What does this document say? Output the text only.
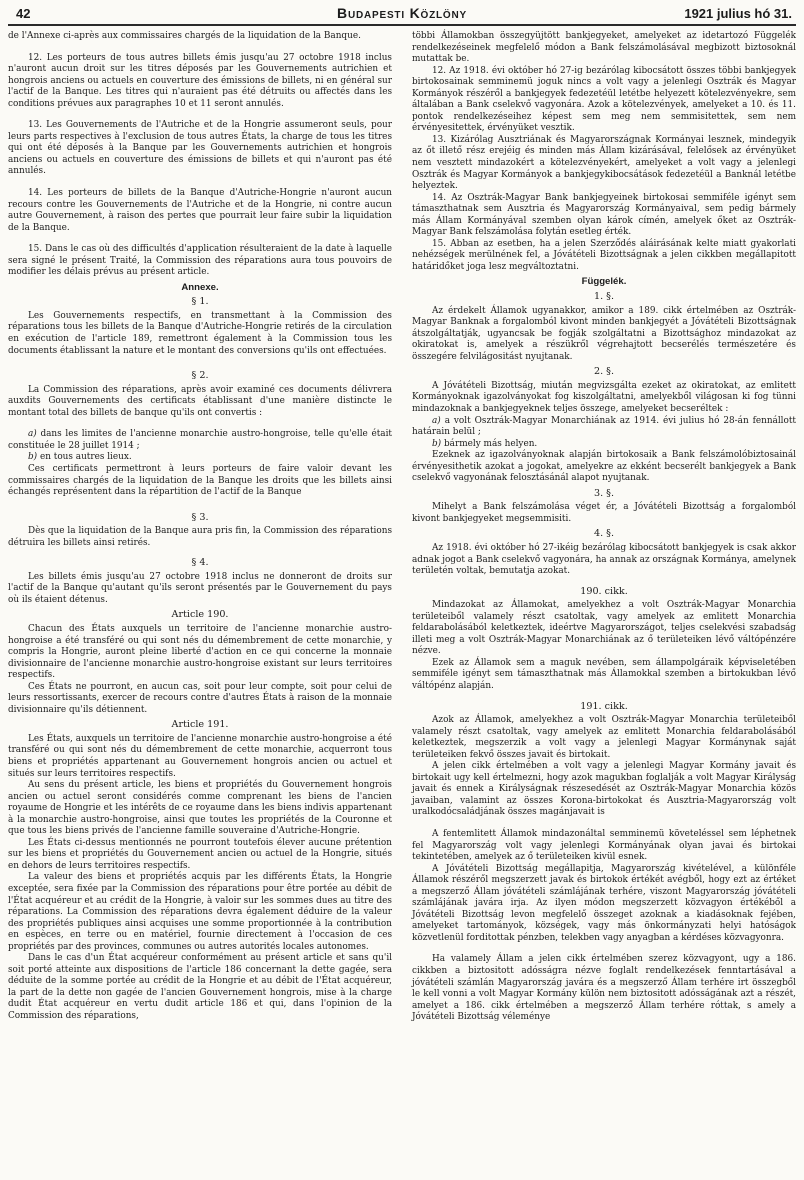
42	Budapesti Közlöny	1921 julius hó 31.

de l'Annexe ci-après aux commissaires chargés de la liquidation de la Banque.

12. Les porteurs de tous autres billets émis jusqu'au 27 octobre 1918 inclus n'auront aucun droit sur les titres déposés par les Gouvernements autrichien et hongrois anciens ou actuels en couverture des émissions de billets, ni en général sur l'actif de la Banque. Les titres qui n'auraient pas été détruits ou affectés dans les conditions prévues aux paragraphes 10 et 11 seront annulés.

13. Les Gouvernements de l'Autriche et de la Hongrie assumeront seuls, pour leurs parts respectives à l'exclusion de tous autres États, la charge de tous les titres qui ont été déposés à la Banque par les Gouvernements autrichien et hongrois anciens ou actuels en couverture des émissions de billets et qui n'auront pas été annulés.

14. Les porteurs de billets de la Banque d'Autriche-Hongrie n'auront aucun recours contre les Gouvernements de l'Autriche et de la Hongrie, ni contre aucun autre Gouvernement, à raison des pertes que pourrait leur faire subir la liquidation de la Banque.

15. Dans le cas où des difficultés d'application résulteraient de la date à laquelle sera signé le présent Traité, la Commission des réparations aura tous pouvoirs de modifier les délais prévus au présent article.

Annexe.

§ 1.

Les Gouvernements respectifs, en transmettant à la Commission des réparations tous les billets de la Banque d'Autriche-Hongrie retirés de la circulation en exécution de l'article 189, remettront également à la Commission tous les documents établissant la nature et le montant des conversions qu'ils ont effectuées.

§ 2.

La Commission des réparations, après avoir examiné ces documents délivrera auxdits Gouvernements des certificats établissant d'une manière distincte le montant total des billets de banque qu'ils ont convertis :

a) dans les limites de l'ancienne monarchie austro-hongroise, telle qu'elle était constituée le 28 juillet 1914 ;

b) en tous autres lieux.

Ces certificats permettront à leurs porteurs de faire valoir devant les commissaires chargés de la liquidation de la Banque les droits que les billets ainsi échangés représentent dans la répartition de l'actif de la Banque

§ 3.

Dès que la liquidation de la Banque aura pris fin, la Commission des réparations détruira les billets ainsi retirés.

§ 4.

Les billets émis jusqu'au 27 octobre 1918 inclus ne donneront de droits sur l'actif de la Banque qu'autant qu'ils seront présentés par le Gouvernement du pays où ils étaient détenus.

Article 190.

Chacun des États auxquels un territoire de l'ancienne monarchie austro-hongroise a été transféré ou qui sont nés du démembrement de cette monarchie, y compris la Hongrie, auront pleine liberté d'action en ce qui concerne la monnaie divisionnaire de l'ancienne monarchie austro-hongroise existant sur leurs territoires respectifs.

Ces États ne pourront, en aucun cas, soit pour leur compte, soit pour celui de leurs ressortissants, exercer de recours contre d'autres États à raison de la monnaie divisionnaire qu'ils détiennent.

Article 191.

Les États, auxquels un territoire de l'ancienne monarchie austro-hongroise a été transféré ou qui sont nés du démembrement de cette monarchie, acquerront tous biens et propriétés appartenant au Gouvernement hongrois ancien ou actuel et situés sur leurs territoires respectifs.

Au sens du présent article, les biens et propriétés du Gouvernement hongrois ancien ou actuel seront considérés comme comprenant les biens de l'ancien royaume de Hongrie et les intérêts de ce royaume dans les biens indivis appartenant à la monarchie austro-hongroise, ainsi que toutes les propriétés de la Couronne et que tous les biens privés de l'ancienne famille souveraine d'Autriche-Hongrie.

Les États ci-dessus mentionnés ne pourront toutefois élever aucune prétention sur les biens et propriétés du Gouvernement ancien ou actuel de la Hongrie, situés en dehors de leurs territoires respectifs.

La valeur des biens et propriétés acquis par les différents États, la Hongrie exceptée, sera fixée par la Commission des réparations pour être portée au débit de l'État acquéreur et au crédit de la Hongrie, à valoir sur les sommes dues au titre des réparations. La Commission des réparations devra également déduire de la valeur des propriétés publiques ainsi acquises une somme proportionnée à la contribution en espèces, en terre ou en matériel, fournie directement à l'occasion de ces propriétés par des provinces, communes ou autres autorités locales autonomes.

Dans le cas d'un État acquéreur conformément au présent article et sans qu'il soit porté atteinte aux dispositions de l'article 186 concernant la dette gagée, sera déduite de la somme portée au crédit de la Hongrie et au débit de l'État acquéreur, la part de la dette non gagée de l'ancien Gouvernement hongrois, mise à la charge dudit État acquéreur en vertu dudit article 186 et qui, dans l'opinion de la Commission des réparations,

többi Államokban összegyüjtött bankjegyeket, amelyeket az idetartozó Függelék rendelkezéseinek megfelelő módon a Bank felszámolásával megbizott biztosoknál mutattak be.

12. Az 1918. évi október hó 27-ig bezárólag kibocsátott összes többi bankjegyek birtokosainak semminemü joguk nincs a volt vagy a jelenlegi Osztrák és Magyar Kormányok részéről a bankjegyek fedezetéül letétbe helyezett kötelezvényekre, sem általában a Bank cselekvő vagyonára. Azok a kötelezvények, amelyeket a 10. és 11. pontok rendelkezéseihez képest sem meg nem semmisitettek, sem nem érvényesitettek, érvényüket vesztik.

13. Kizárólag Ausztriának és Magyarországnak Kormányai lesznek, mindegyik az őt illető rész erejéig és minden más Állam kizárásával, felelősek az érvényüket nem vesztett mindazokért a kötelezvényekért, amelyeket a volt vagy a jelenlegi Osztrák és Magyar Kormányok a bankjegykibocsátások fedezetéül a Banknál letétbe helyeztek.

14. Az Osztrák-Magyar Bank bankjegyeinek birtokosai semmiféle igényt sem támaszthatnak sem Ausztria és Magyarország Kormányaival, sem pedig bármely más Állam Kormányával szemben olyan károk címén, amelyek őket az Osztrák-Magyar Bank felszámolása folytán esetleg érték.

15. Abban az esetben, ha a jelen Szerződés aláirásának kelte miatt gyakorlati nehézségek merülnének fel, a Jóvátételi Bizottságnak a jelen cikkben megállapitott határidőket joga lesz megváltoztatni.

Függelék.

1. §.

Az érdekelt Államok ugyanakkor, amikor a 189. cikk értelmében az Osztrák-Magyar Banknak a forgalomból kivont minden bankjegyét a Jóvátételi Bizottságnak átszolgáltatják, ugyancsak be fogják szolgáltatni a Bizottsághoz mindazokat az okiratokat is, amelyek a részükről végrehajtott becserélés természetére és összegére felvilágositást nyujtanak.

2. §.

A Jóvátételi Bizottság, miután megvizsgálta ezeket az okiratokat, az emlitett Kormányoknak igazolványokat fog kiszolgáltatni, amelyekből világosan ki fog tünni mindazoknak a bankjegyeknek teljes összege, amelyeket becseréltek :

a) a volt Osztrák-Magyar Monarchiának az 1914. évi julius hó 28-án fennállott határain belül ;

b) bármely más helyen.

Ezeknek az igazolványoknak alapján birtokosaik a Bank felszámolóbiztosainál érvényesithetik azokat a jogokat, amelyekre az ekként becserélt bankjegyek a Bank cselekvő vagyonának felosztásánál alapot nyujtanak.

3. §.

Mihelyt a Bank felszámolása véget ér, a Jóvátételi Bizottság a forgalomból kivont bankjegyeket megsemmisiti.

4. §.

Az 1918. évi október hó 27-ikéig bezárólag kibocsátott bankjegyek is csak akkor adnak jogot a Bank cselekvő vagyonára, ha annak az országnak Kormánya, amelynek területén voltak, bemutatja azokat.

190. cikk.

Mindazokat az Államokat, amelyekhez a volt Osztrák-Magyar Monarchia területeiből valamely részt csatoltak, vagy amelyek az emlitett Monarchia feldarabolásából keletkeztek, ideértve Magyarországot, teljes cselekvési szabadság illeti meg a volt Osztrák-Magyar Monarchiának az ő területeiken lévő váltópénzére nézve.

Ezek az Államok sem a maguk nevében, sem állampolgáraik képviseletében semmiféle igényt sem támaszthatnak más Államokkal szemben a birtokukban lévő váltópénz alapján.

191. cikk.

Azok az Államok, amelyekhez a volt Osztrák-Magyar Monarchia területeiből valamely részt csatoltak, vagy amelyek az emlitett Monarchia feldarabolásából keletkeztek, megszerzik a volt vagy a jelenlegi Magyar Kormánynak saját területeiken fekvő összes javait és birtokait.

A jelen cikk értelmében a volt vagy a jelenlegi Magyar Kormány javait és birtokait ugy kell értelmezni, hogy azok magukban foglalják a volt Magyar Királyság javait és ennek a Királyságnak részesedését az Osztrák-Magyar Monarchia közös javaiban, valamint az összes Korona-birtokokat és Ausztria-Magyarország volt uralkodócsaládjának összes magánjavait is

A fentemlitett Államok mindazonáltal semminemü követeléssel sem léphetnek fel Magyarország volt vagy jelenlegi Kormányának olyan javai és birtokai tekintetében, amelyek az ő területeiken kivül esnek.

A Jóvátételi Bizottság megállapitja, Magyarország kivételével, a különféle Államok részéről megszerzett javak és birtokok értékét avégből, hogy ezt az értéket a megszerző Állam jóvátételi számlájának terhére, viszont Magyarország jóvátételi számlájának javára irja. Az ilyen módon megszerzett közvagyon értékéből a Jóvátételi Bizottság levon megfelelő összeget azoknak a kiadásoknak fejében, amelyeket tartományok, községek, vagy más önkormányzati helyi hatóságok közvetlenül forditottak pénzben, telekben vagy anyagban a kérdéses közvagyonra.

Ha valamely Állam a jelen cikk értelmében szerez közvagyont, ugy a 186. cikkben a biztositott adósságra nézve foglalt rendelkezések fenntartásával a jóvátételi számlán Magyarország javára és a megszerző Állam terhére irt összegből le kell vonni a volt Magyar Kormány külön nem biztositott adósságának azt a részét, amelyet a 186. cikk értelmében a megszerző Állam terhére róttak, s amely a Jóvátételi Bizottság véleménye
